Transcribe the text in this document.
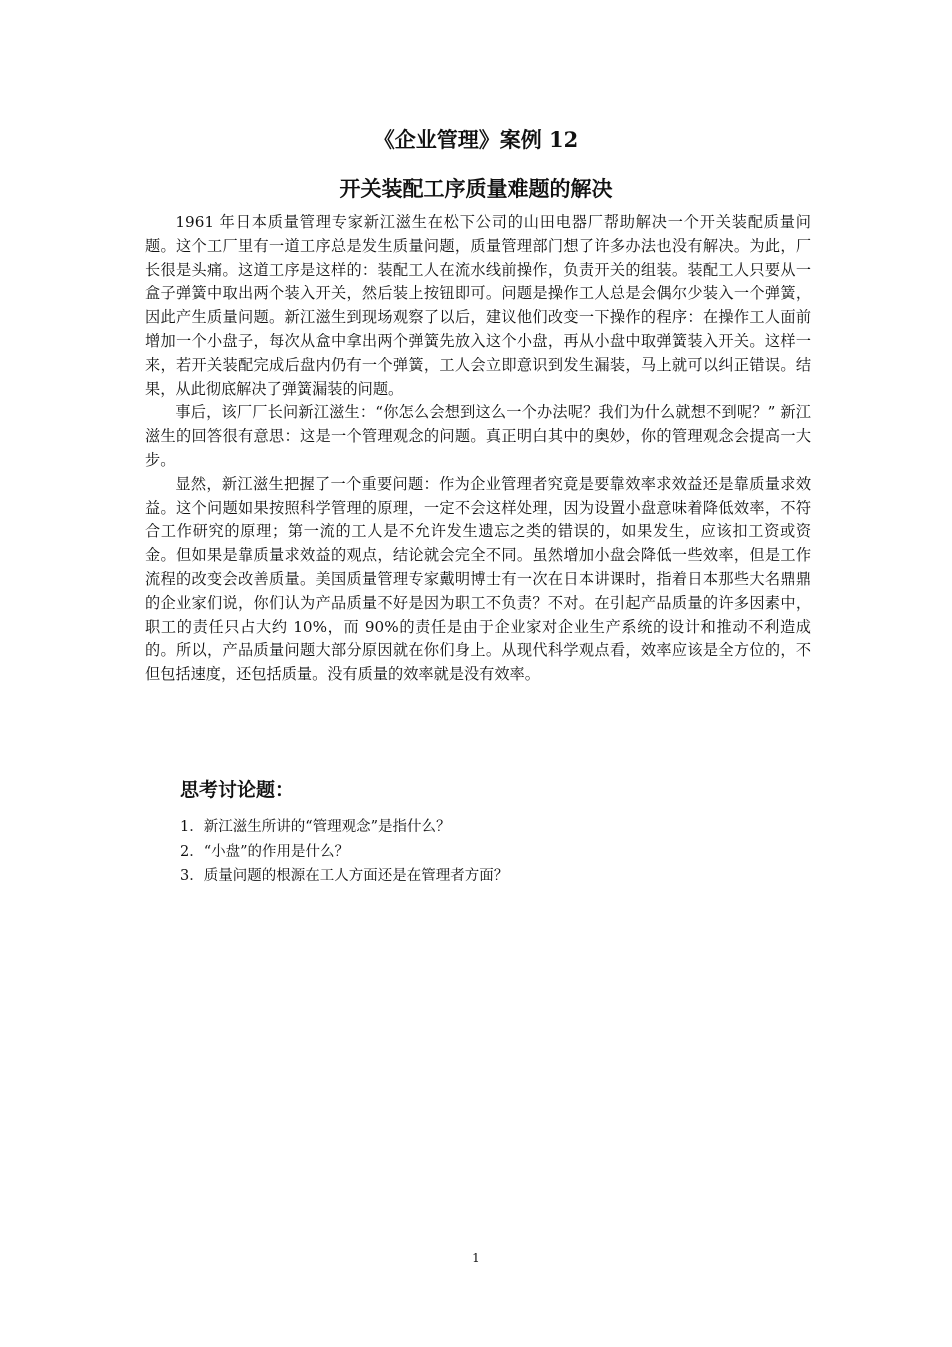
《企业管理》案例 12
开关装配工序质量难题的解决

1961 年日本质量管理专家新江滋生在松下公司的山田电器厂帮助解决一个开关装配质量问题。这个工厂里有一道工序总是发生质量问题，质量管理部门想了许多办法也没有解决。为此，厂长很是头痛。这道工序是这样的：装配工人在流水线前操作，负责开关的组装。装配工人只要从一盒子弹簧中取出两个装入开关，然后装上按钮即可。问题是操作工人总是会偶尔少装入一个弹簧，因此产生质量问题。新江滋生到现场观察了以后，建议他们改变一下操作的程序：在操作工人面前增加一个小盘子，每次从盒中拿出两个弹簧先放入这个小盘，再从小盘中取弹簧装入开关。这样一来，若开关装配完成后盘内仍有一个弹簧，工人会立即意识到发生漏装，马上就可以纠正错误。结果，从此彻底解决了弹簧漏装的问题。

事后，该厂厂长问新江滋生：“你怎么会想到这么一个办法呢？我们为什么就想不到呢？” 新江滋生的回答很有意思：这是一个管理观念的问题。真正明白其中的奥妙，你的管理观念会提高一大步。

显然，新江滋生把握了一个重要问题：作为企业管理者究竟是要靠效率求效益还是靠质量求效益。这个问题如果按照科学管理的原理，一定不会这样处理，因为设置小盘意味着降低效率，不符合工作研究的原理；第一流的工人是不允许发生遗忘之类的错误的，如果发生，应该扣工资或资金。但如果是靠质量求效益的观点，结论就会完全不同。虽然增加小盘会降低一些效率，但是工作流程的改变会改善质量。美国质量管理专家戴明博士有一次在日本讲课时，指着日本那些大名鼎鼎的企业家们说，你们认为产品质量不好是因为职工不负责？不对。在引起产品质量的许多因素中，职工的责任只占大约 10%，而 90%的责任是由于企业家对企业生产系统的设计和推动不利造成的。所以，产品质量问题大部分原因就在你们身上。从现代科学观点看，效率应该是全方位的，不但包括速度，还包括质量。没有质量的效率就是没有效率。

思考讨论题：
1．新江滋生所讲的“管理观念”是指什么？
2．“小盘”的作用是什么？
3．质量问题的根源在工人方面还是在管理者方面？
1
